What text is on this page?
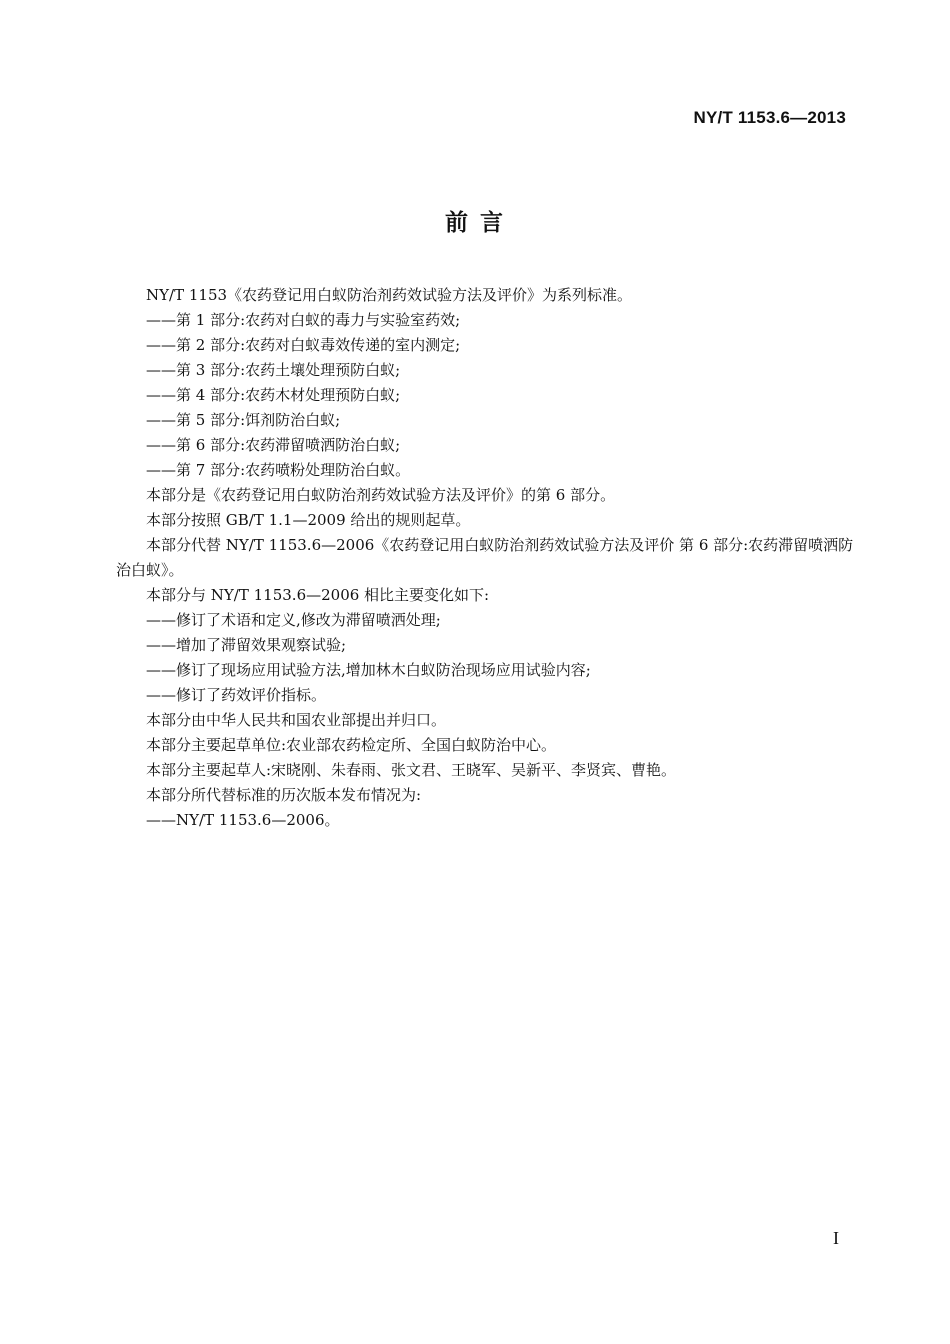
NY/T 1153.6—2013
前 言

NY/T 1153《农药登记用白蚁防治剂药效试验方法及评价》为系列标准。

——第 1 部分:农药对白蚁的毒力与实验室药效;

——第 2 部分:农药对白蚁毒效传递的室内测定;

——第 3 部分:农药土壤处理预防白蚁;

——第 4 部分:农药木材处理预防白蚁;

——第 5 部分:饵剂防治白蚁;

——第 6 部分:农药滞留喷洒防治白蚁;

——第 7 部分:农药喷粉处理防治白蚁。

本部分是《农药登记用白蚁防治剂药效试验方法及评价》的第 6 部分。

本部分按照 GB/T 1.1—2009 给出的规则起草。

本部分代替 NY/T 1153.6—2006《农药登记用白蚁防治剂药效试验方法及评价 第 6 部分:农药滞留喷洒防治白蚁》。

本部分与 NY/T 1153.6—2006 相比主要变化如下:

——修订了术语和定义,修改为滞留喷洒处理;

——增加了滞留效果观察试验;

——修订了现场应用试验方法,增加林木白蚁防治现场应用试验内容;

——修订了药效评价指标。

本部分由中华人民共和国农业部提出并归口。

本部分主要起草单位:农业部农药检定所、全国白蚁防治中心。

本部分主要起草人:宋晓刚、朱春雨、张文君、王晓军、吴新平、李贤宾、曹艳。

本部分所代替标准的历次版本发布情况为:

——NY/T 1153.6—2006。

I
